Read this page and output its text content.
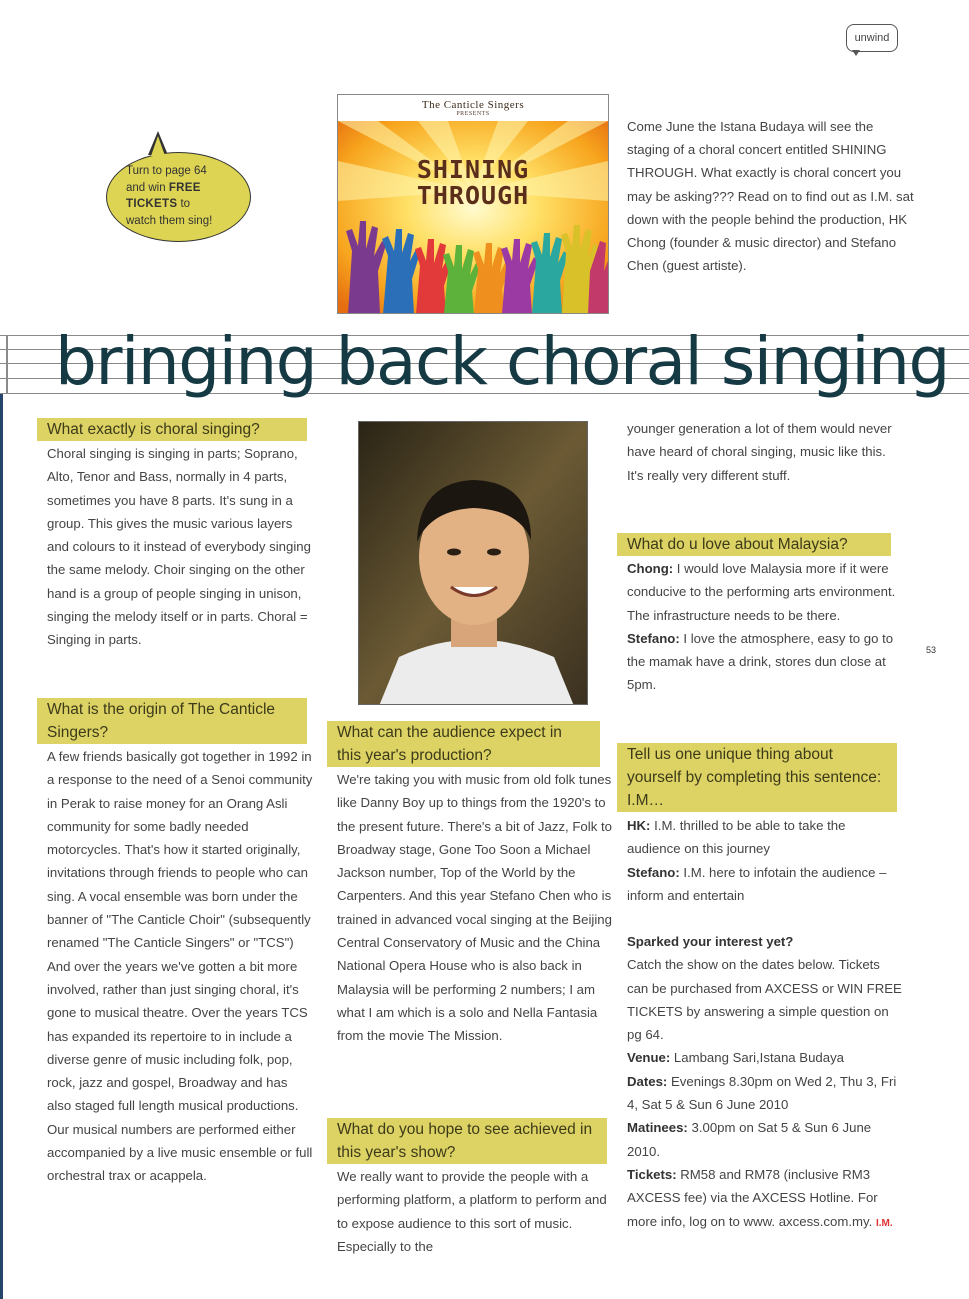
unwind
Turn to page 64
and win FREE
TICKETS to
watch them sing!
The Canticle Singers
PRESENTS
SHINING
THROUGH
Come June the Istana Budaya will see the staging of a choral concert entitled SHINING THROUGH. What exactly is choral concert you may be asking??? Read on to find out as I.M. sat down with the people behind the production, HK Chong (founder & music director) and Stefano Chen (guest artiste).
bringing back choral singing
What exactly is choral singing?
Choral singing is singing in parts; Soprano, Alto, Tenor and Bass, normally in 4 parts, sometimes you have 8 parts. It's sung in a group. This gives the music various layers and colours to it instead of everybody singing the same melody. Choir singing on the other hand is a group of people singing in unison, singing the melody itself or in parts. Choral = Singing in parts.
What is the origin of The Canticle Singers?
A few friends basically got together in 1992 in a response to the need of a Senoi community in Perak to raise money for an Orang Asli community for some badly needed motorcycles. That's how it started originally, invitations through friends to people who can sing. A vocal ensemble was born under the banner of "The Canticle Choir" (subsequently renamed "The Canticle Singers" or "TCS") And over the years we've gotten a bit more involved, rather than just singing choral, it's gone to musical theatre. Over the years TCS has expanded its repertoire to in include a diverse genre of music including folk, pop, rock, jazz and gospel, Broadway and has also staged full length musical productions. Our musical numbers are performed either accompanied by a live music ensemble or full orchestral trax or acappela.
What can the audience expect in this year's production?
We're taking you with music from old folk tunes like Danny Boy up to things from the 1920's to the present future. There's a bit of Jazz, Folk to Broadway stage, Gone Too Soon a Michael Jackson number, Top of the World by the Carpenters. And this year Stefano Chen who is trained in advanced vocal singing at the Beijing Central Conservatory of Music and the China National Opera House who is also back in Malaysia will be performing 2 numbers; I am what I am which is a solo and Nella Fantasia from the movie The Mission.
What do you hope to see achieved in this year's show?
We really want to provide the people with a performing platform, a platform to perform and to expose audience to this sort of music. Especially to the
younger generation a lot of them would never have heard of choral singing, music like this. It's really very different stuff.
What do u love about Malaysia?

Chong: I would love Malaysia more if it were conducive to the performing arts environment. The infrastructure needs to be there.

Stefano: I love the atmosphere, easy to go to the mamak have a drink, stores dun close at 5pm.

Tell us one unique thing about yourself by completing this sentence: I.M…

HK: I.M. thrilled to be able to take the audience on this journey

Stefano: I.M. here to infotain the audience – inform and entertain

Sparked your interest yet?

Catch the show on the dates below. Tickets can be purchased from AXCESS or WIN FREE TICKETS by answering a simple question on pg 64.

Venue: Lambang Sari,Istana Budaya

Dates: Evenings 8.30pm on Wed 2, Thu 3, Fri 4, Sat 5 & Sun 6 June 2010

Matinees: 3.00pm on Sat 5 & Sun 6 June 2010.

Tickets: RM58 and RM78 (inclusive RM3 AXCESS fee) via the AXCESS Hotline. For more info, log on to www. axcess.com.my. I.M.

53
